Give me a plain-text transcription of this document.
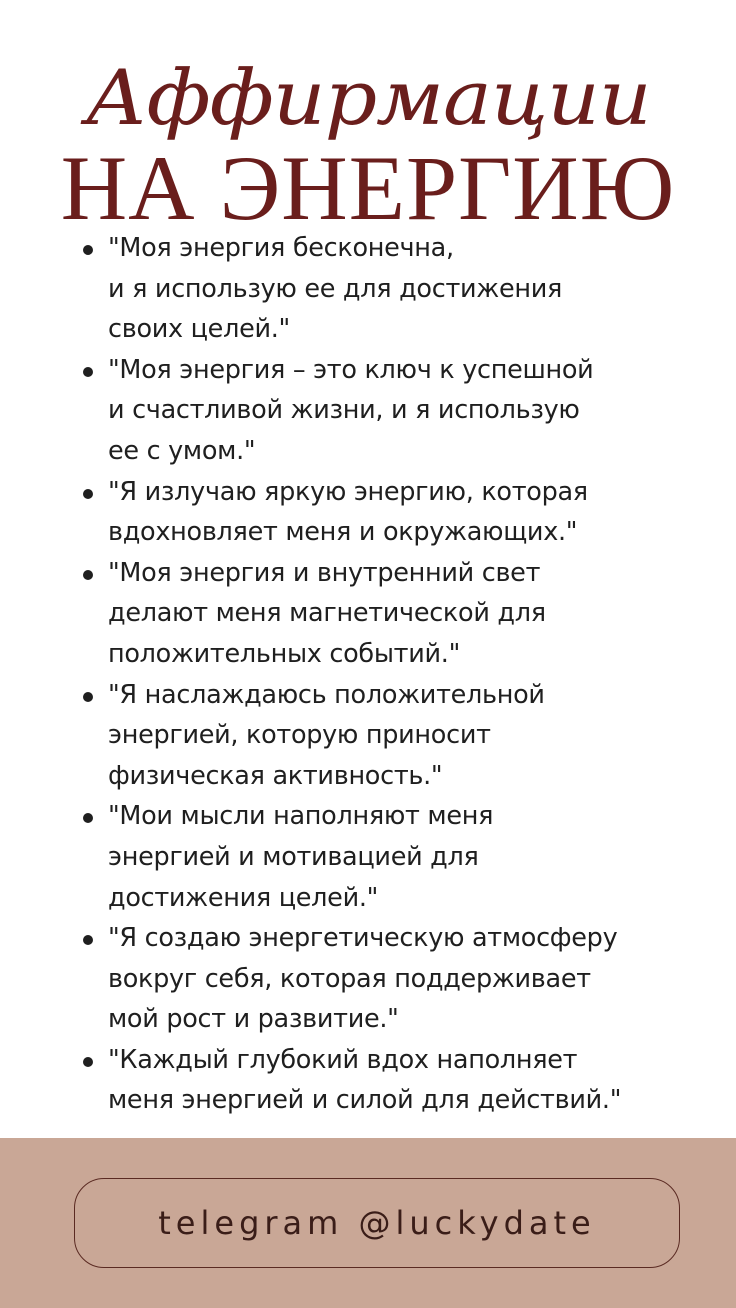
Аффирмации
НА ЭНЕРГИЮ
"Моя энергия бесконечна,
и я использую ее для достижения
своих целей."
"Моя энергия – это ключ к успешной
и счастливой жизни, и я использую
ее с умом."
"Я излучаю яркую энергию, которая
вдохновляет меня и окружающих."
"Моя энергия и внутренний свет
делают меня магнетической для
положительных событий."
"Я наслаждаюсь положительной
энергией, которую приносит
физическая активность."
"Мои мысли наполняют меня
энергией и мотивацией для
достижения целей."
"Я создаю энергетическую атмосферу
вокруг себя, которая поддерживает
мой рост и развитие."
"Каждый глубокий вдох наполняет
меня энергией и силой для действий."
telegram @luckydate
